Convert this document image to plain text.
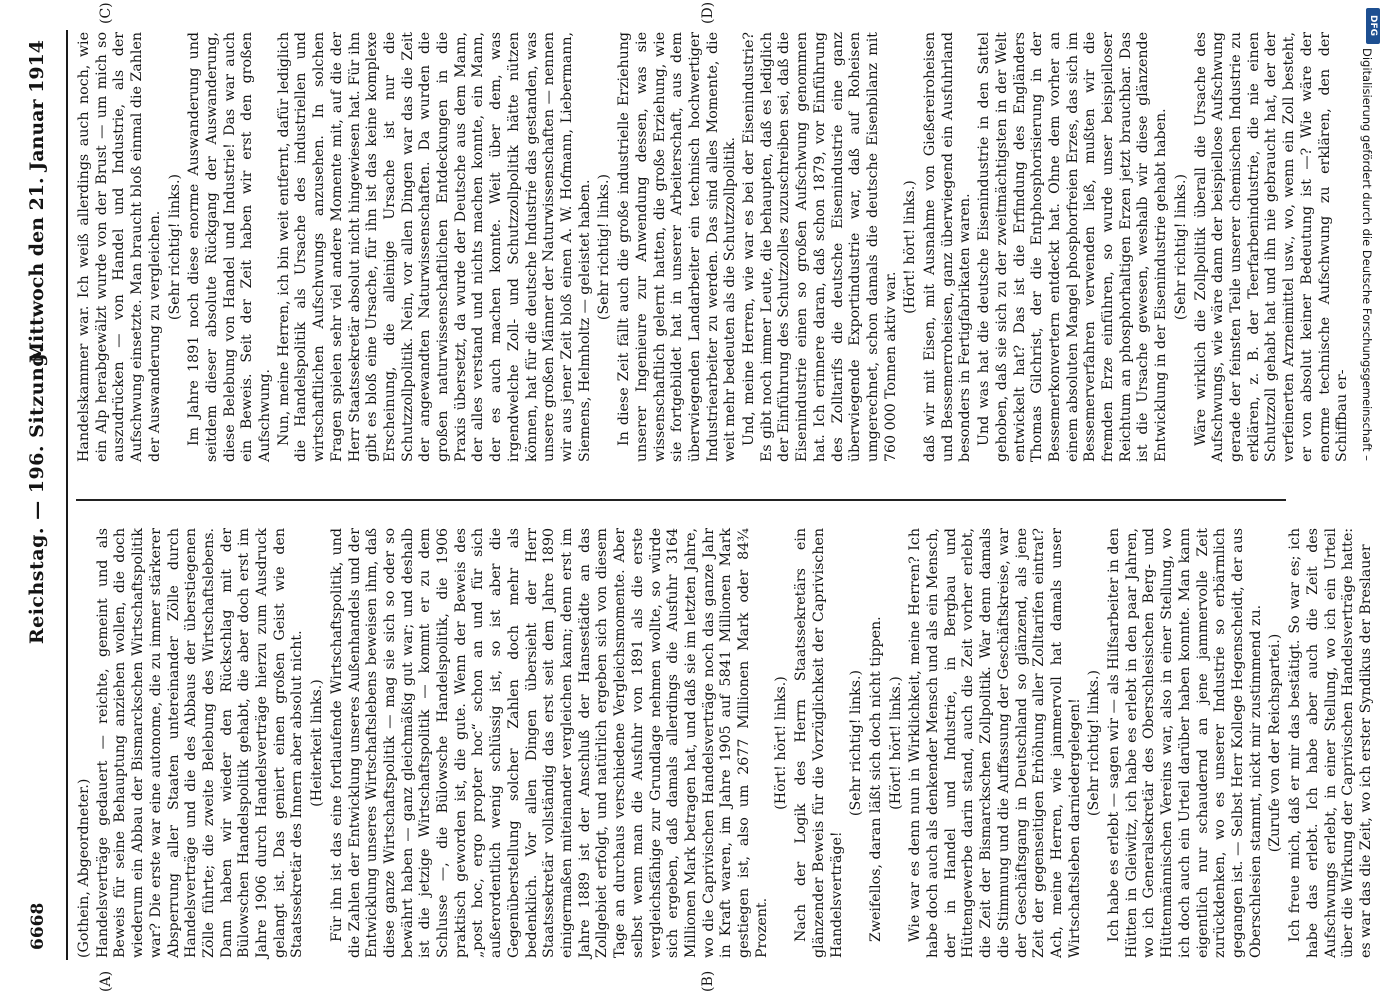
6668
Reichstag. — 196. Sitzung.
Mittwoch den 21. Januar 1914
(A)	(B)
(C)	(D)

(Gothein, Abgeordneter.) Handelsverträge gedauert — reichte, gemeint und als Beweis für seine Behauptung anziehen wollen, die doch wiederum ein Abbau der Bismarckschen Wirtschaftspolitik war? Die erste war eine autonome, die zu immer stärkerer Absperrung aller Staaten untereinander Zölle durch Handelsverträge und die des Abbaus der überstiegenen Zölle führte; die zweite Belebung des Wirtschaftslebens. Dann haben wir wieder den Rückschlag mit der Bülowschen Handelspolitik gehabt, die aber doch erst im Jahre 1906 durch Handelsverträge hierzu zum Ausdruck gelangt ist. Das geniert einen großen Geist wie den Staatssekretär des Innern aber absolut nicht. (Heiterkeit links.) Für ihn ist das eine fortlaufende Wirtschaftspolitik, und die Zahlen der Entwicklung unseres Außenhandels und der Entwicklung unseres Wirtschaftslebens beweisen ihm, daß diese ganze Wirtschaftspolitik — mag sie sich so oder so bewährt haben — ganz gleichmäßig gut war; und deshalb ist die jetzige Wirtschaftspolitik — kommt er zu dem Schlusse —, die Bülowsche Handelspolitik, die 1906 praktisch geworden ist, die gute. Wenn der Beweis des „post hoc, ergo propter hoc“ schon an und für sich außerordentlich wenig schlüssig ist, so ist aber die Gegenüberstellung solcher Zahlen doch mehr als bedenklich. Vor allen Dingen übersieht der Herr Staatssekretär vollständig das erst seit dem Jahre 1890 einigermaßen miteinander vergleichen kann; denn erst im Jahre 1889 ist der Anschluß der Hansestädte an das Zollgebiet erfolgt, und natürlich ergeben sich von diesem Tage an durchaus verschiedene Vergleichsmomente. Aber selbst wenn man die Ausfuhr von 1891 als die erste vergleichsfähige zur Grundlage nehmen wollte, so würde sich ergeben, daß damals allerdings die Ausfuhr 3164 Millionen Mark betragen hat, und daß sie im letzten Jahre, wo die Caprivischen Handelsverträge noch das ganze Jahr in Kraft waren, im Jahre 1905 auf 5841 Millionen Mark gestiegen ist, also um 2677 Millionen Mark oder 84¾ Prozent.

(Hört! hört! links.) Nach der Logik des Herrn Staatssekretärs ein glänzender Beweis für die Vorzüglichkeit der Caprivischen Handelsverträge!

(Sehr richtig! links.) Zweifellos, daran läßt sich doch nicht tippen. (Hört! hört! links.) Wie war es denn nun in Wirklichkeit, meine Herren? Ich habe doch auch als denkender Mensch und als ein Mensch, der in Handel und Industrie, in Bergbau und Hüttengewerbe darin stand, auch die Zeit vorher erlebt, die Zeit der Bismarckschen Zollpolitik. War denn damals die Stimmung und die Auffassung der Geschäftskreise, war der Geschäftsgang in Deutschland so glänzend, als jene Zeit der gegenseitigen Erhöhung aller Zolltarifen eintrat? Ach, meine Herren, wie jammervoll hat damals unser Wirtschaftsleben darniedergelegen! (Sehr richtig! links.) Ich habe es erlebt — sagen wir — als Hilfsarbeiter in den Hütten in Gleiwitz, ich habe es erlebt in den paar Jahren, wo ich Generalsekretär des Oberschlesischen Berg- und Hüttenmännischen Vereins war, also in einer Stellung, wo ich doch auch ein Urteil darüber haben konnte. Man kann eigentlich nur schaudernd an jene jammervolle Zeit zurückdenken, wo es unserer Industrie so erbärmlich gegangen ist. — Selbst Herr Kollege Hegenscheidt, der aus Oberschlesien stammt, nickt mir zustimmend zu. (Zurufe von der Reichspartei.) Ich freue mich, daß er mir das bestätigt. So war es; ich habe das erlebt. Ich habe aber auch die Zeit des Aufschwungs erlebt, in einer Stellung, wo ich ein Urteil über die Wirkung der Caprivischen Handelsverträge hatte: es war das die Zeit, wo ich erster Syndikus der Breslauer

Handelskammer war. Ich weiß allerdings auch noch, wie ein Alp herabgewälzt wurde von der Brust — um mich so auszudrücken — von Handel und Industrie, als der Aufschwung einsetzte. Man braucht bloß einmal die Zahlen der Auswanderung zu vergleichen. (Sehr richtig! links.) Im Jahre 1891 noch diese enorme Auswanderung und seitdem dieser absolute Rückgang der Auswanderung, diese Belebung von Handel und Industrie! Das war auch ein Beweis. Seit der Zeit haben wir erst den großen Aufschwung. Nun, meine Herren, ich bin weit entfernt, dafür lediglich die Handelspolitik als Ursache des industriellen und wirtschaftlichen Aufschwungs anzusehen. In solchen Fragen spielen sehr viel andere Momente mit, auf die der Herr Staatssekretär absolut nicht hingewiesen hat. Für ihn gibt es bloß eine Ursache, für ihn ist das keine komplexe Erscheinung, die alleinige Ursache ist nur die Schutzzollpolitik. Nein, vor allen Dingen war das die Zeit der angewandten Naturwissenschaften. Da wurden die großen naturwissenschaftlichen Entdeckungen in die Praxis übersetzt, da wurde der Deutsche aus dem Mann, der alles verstand und nichts machen konnte, ein Mann, der es auch machen konnte. Weit über dem, was irgendwelche Zoll- und Schutzzollpolitik hätte nützen können, hat für die deutsche Industrie das gestanden, was unsere großen Männer der Naturwissenschaften — nennen wir aus jener Zeit bloß einen A. W. Hofmann, Liebermann, Siemens, Helmholtz — geleistet haben. (Sehr richtig! links.) In diese Zeit fällt auch die große industrielle Erziehung unserer Ingenieure zur Anwendung dessen, was sie wissenschaftlich gelernt hatten, die große Erziehung, wie sie fortgebildet hat in unserer Arbeiterschaft, aus dem überwiegenden Landarbeiter ein technisch hochwertiger Industriearbeiter zu werden. Das sind alles Momente, die weit mehr bedeuten als die Schutzzollpolitik. Und, meine Herren, wie war es bei der Eisenindustrie? Es gibt noch immer Leute, die behaupten, daß es lediglich der Einführung des Schutzzolles zuzuschreiben sei, daß die Eisenindustrie einen so großen Aufschwung genommen hat. Ich erinnere daran, daß schon 1879, vor Einführung des Zolltarifs die deutsche Eisenindustrie eine ganz überwiegende Exportindustrie war, daß auf Roheisen umgerechnet, schon damals die deutsche Eisenbilanz mit 760 000 Tonnen aktiv war.

(Hört! hört! links.) daß wir mit Eisen, mit Ausnahme von Gießereiroheisen und Bessemerroheisen, ganz überwiegend ein Ausfuhrland besonders in Fertigfabrikaten waren. Und was hat die deutsche Eisenindustrie in den Sattel gehoben, daß sie sich zu der zweitmächtigsten in der Welt entwickelt hat? Das ist die Erfindung des Engländers Thomas Gilchrist, der die Entphosphorisierung in der Bessemerkonvertern entdeckt hat. Ohne dem vorher an einem absoluten Mangel phosphorfreien Erzes, das sich im Bessemerverfahren verwenden ließ, mußten wir die fremden Erze einführen, so wurde unser beispielloser Reichtum an phosphorhaltigen Erzen jetzt brauchbar. Das ist die Ursache gewesen, weshalb wir diese glänzende Entwicklung in der Eisenindustrie gehabt haben. (Sehr richtig! links.) Wäre wirklich die Zollpolitik überall die Ursache des Aufschwungs, wie wäre dann der beispiellose Aufschwung gerade der feinsten Teile unserer chemischen Industrie zu erklären, z. B. der Teerfarbenindustrie, die nie einen Schutzzoll gehabt hat und ihn nie gebraucht hat, der der verfeinerten Arzneimittel usw., wo, wenn ein Zoll besteht, er von absolut keiner Bedeutung ist —? Wie wäre der enorme technische Aufschwung zu erklären, den der Schiffbau er-

DFG
Digitalisierung gefördert durch die Deutsche Forschungsgemeinschaft –
